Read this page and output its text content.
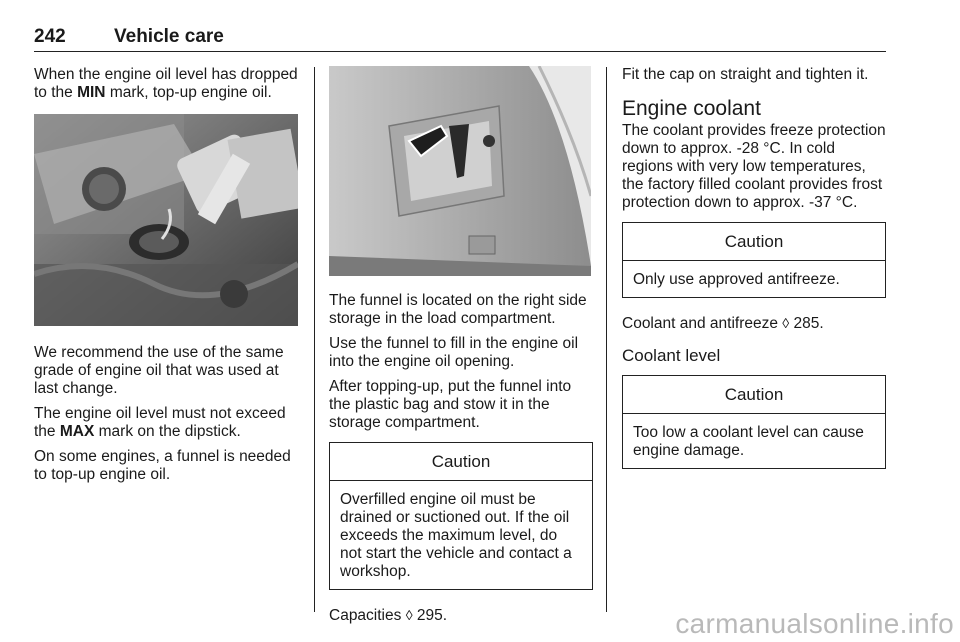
242	Vehicle care

When the engine oil level has dropped to the MIN mark, top-up engine oil.

We recommend the use of the same grade of engine oil that was used at last change.

The engine oil level must not exceed the MAX mark on the dipstick.

On some engines, a funnel is needed to top-up engine oil.

The funnel is located on the right side storage in the load compartment.

Use the funnel to fill in the engine oil into the engine oil opening.

After topping-up, put the funnel into the plastic bag and stow it in the storage compartment.

Caution
Overfilled engine oil must be drained or suctioned out. If the oil exceeds the maximum level, do not start the vehicle and contact a workshop.

Capacities ◊ 295.

Fit the cap on straight and tighten it.

Engine coolant

The coolant provides freeze protection down to approx. -28 °C. In cold regions with very low temperatures, the factory filled coolant provides frost protection down to approx. -37 °C.

Caution
Only use approved antifreeze.

Coolant and antifreeze ◊ 285.

Coolant level
Caution
Too low a coolant level can cause engine damage.
carmanualsonline.info
